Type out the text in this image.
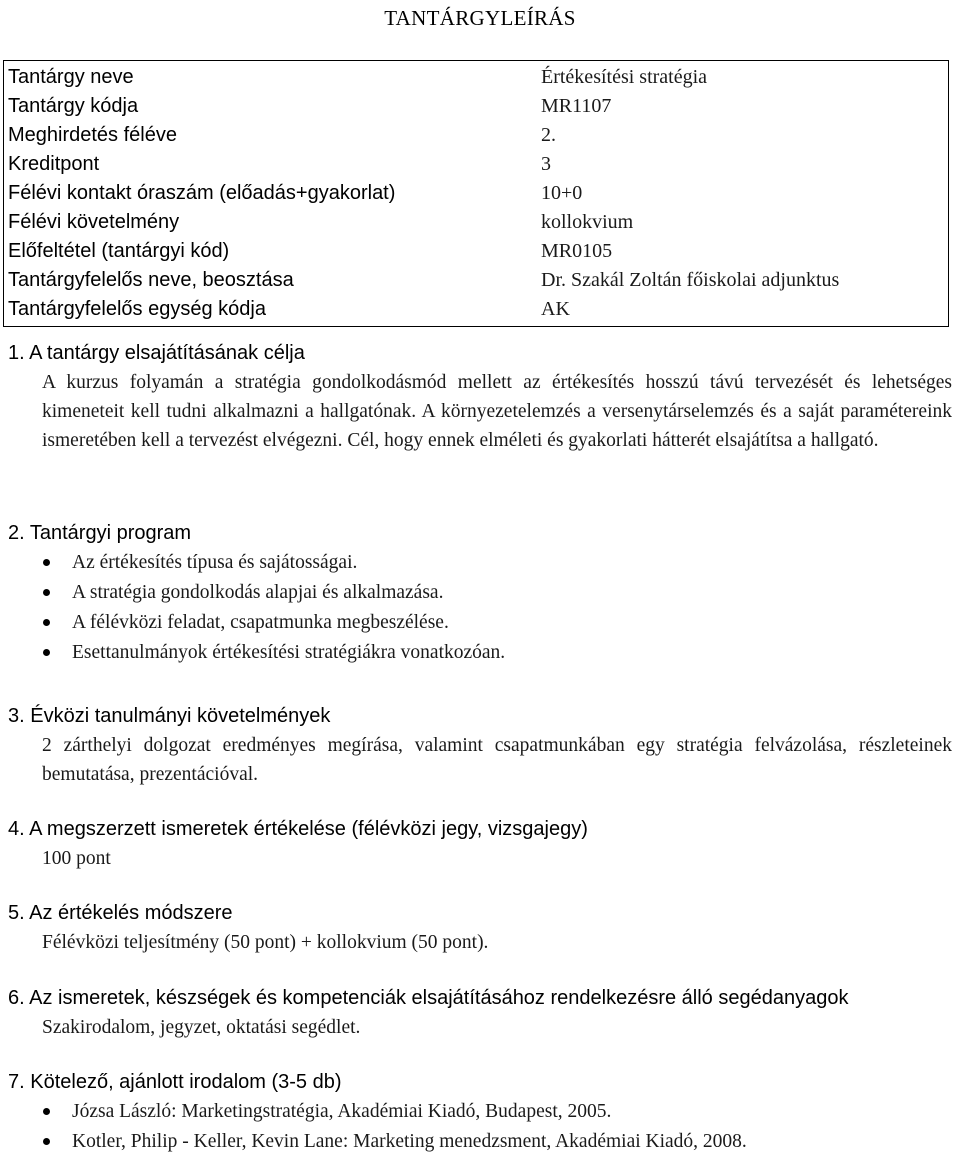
TANTÁRGYLEÍRÁS
Tantárgy neve	Értékesítési stratégia
Tantárgy kódja	MR1107
Meghirdetés féléve	2.
Kreditpont	3
Félévi kontakt óraszám (előadás+gyakorlat)	10+0
Félévi követelmény	kollokvium
Előfeltétel (tantárgyi kód)	MR0105
Tantárgyfelelős neve, beosztása	Dr. Szakál Zoltán főiskolai adjunktus
Tantárgyfelelős egység kódja	AK
1. A tantárgy elsajátításának célja
A kurzus folyamán a stratégia gondolkodásmód mellett az értékesítés hosszú távú tervezését és lehetséges kimeneteit kell tudni alkalmazni a hallgatónak. A környezetelemzés a versenytárselemzés és a saját paramétereink ismeretében kell a tervezést elvégezni. Cél, hogy ennek elméleti és gyakorlati hátterét elsajátítsa a hallgató.
2. Tantárgyi program
Az értékesítés típusa és sajátosságai.
A stratégia gondolkodás alapjai és alkalmazása.
A félévközi feladat, csapatmunka megbeszélése.
Esettanulmányok értékesítési stratégiákra vonatkozóan.
3. Évközi tanulmányi követelmények
2 zárthelyi dolgozat eredményes megírása, valamint csapatmunkában egy stratégia felvázolása, részleteinek bemutatása, prezentációval.
4. A megszerzett ismeretek értékelése (félévközi jegy, vizsgajegy)
100 pont
5. Az értékelés módszere
Félévközi teljesítmény (50 pont) + kollokvium (50 pont).
6. Az ismeretek, készségek és kompetenciák elsajátításához rendelkezésre álló segédanyagok
Szakirodalom, jegyzet, oktatási segédlet.
7. Kötelező, ajánlott irodalom (3-5 db)
Józsa László: Marketingstratégia, Akadémiai Kiadó, Budapest, 2005.
Kotler, Philip - Keller, Kevin Lane: Marketing menedzsment, Akadémiai Kiadó, 2008.
